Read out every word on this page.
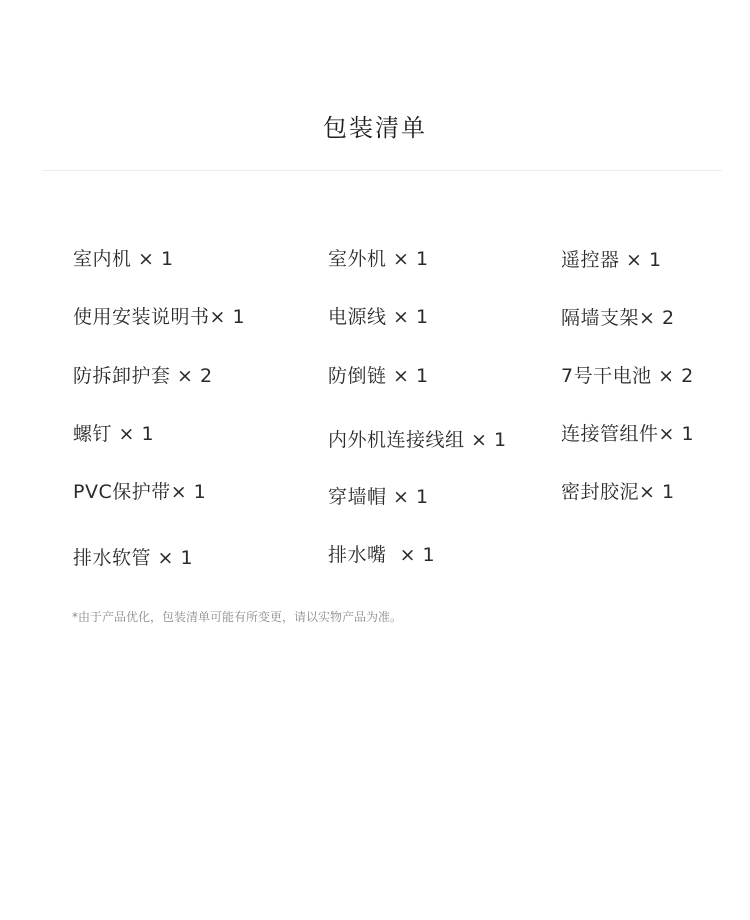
包装清单
室内机 × 1	室外机 × 1	遥控器 × 1
使用安装说明书× 1	电源线 × 1	隔墙支架× 2
防拆卸护套 × 2	防倒链 × 1	7号干电池 × 2
螺钉 × 1	内外机连接线组 × 1	连接管组件× 1
PVC保护带× 1	穿墙帽 × 1	密封胶泥× 1
排水软管 × 1	排水嘴  × 1
*由于产品优化，包装清单可能有所变更，请以实物产品为准。
